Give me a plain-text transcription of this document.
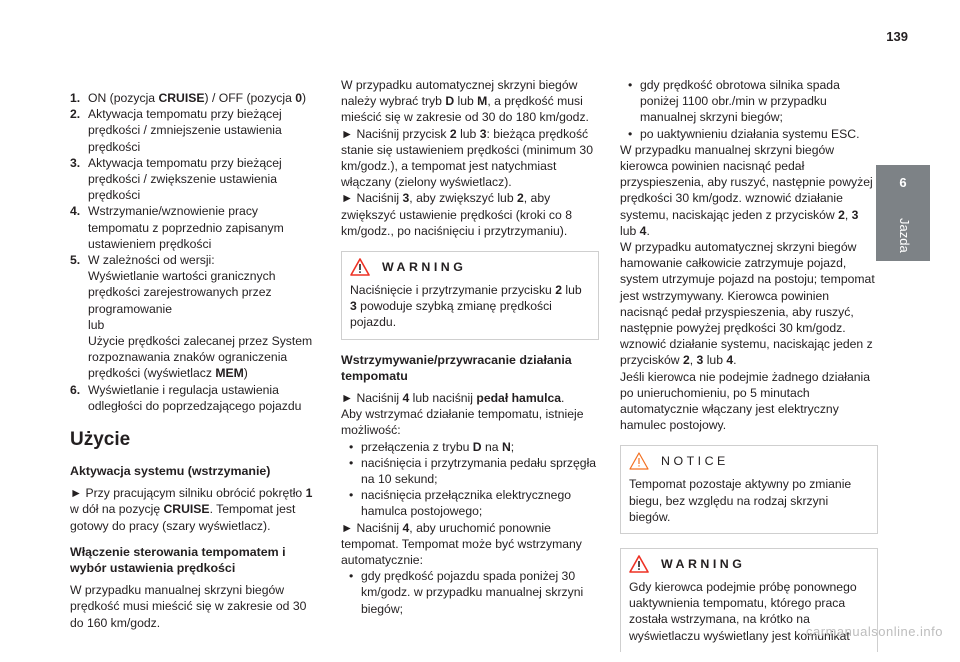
139
6
Jazda
1. ON (pozycja CRUISE) / OFF (pozycja 0)
2. Aktywacja tempomatu przy bieżącej prędkości / zmniejszenie ustawienia prędkości
3. Aktywacja tempomatu przy bieżącej prędkości / zwiększenie ustawienia prędkości
4. Wstrzymanie/wznowienie pracy tempomatu z poprzednio zapisanym ustawieniem prędkości
5. W zależności od wersji:
Wyświetlanie wartości granicznych prędkości zarejestrowanych przez programowanie
lub
Użycie prędkości zalecanej przez System rozpoznawania znaków ograniczenia prędkości (wyświetlacz MEM)
6. Wyświetlanie i regulacja ustawienia odległości do poprzedzającego pojazdu
Użycie
Aktywacja systemu (wstrzymanie)

► Przy pracującym silniku obrócić pokrętło 1 w dół na pozycję CRUISE. Tempomat jest gotowy do pracy (szary wyświetlacz).

Włączenie sterowania tempomatem i wybór ustawienia prędkości

W przypadku manualnej skrzyni biegów prędkość musi mieścić się w zakresie od 30 do 160 km/godz.

W przypadku automatycznej skrzyni biegów należy wybrać tryb D lub M, a prędkość musi mieścić się w zakresie od 30 do 180 km/godz.

► Naciśnij przycisk 2 lub 3: bieżąca prędkość stanie się ustawieniem prędkości (minimum 30 km/godz.), a tempomat jest natychmiast włączany (zielony wyświetlacz).

► Naciśnij 3, aby zwiększyć lub 2, aby zwiększyć ustawienie prędkości (kroki co 8 km/godz., po naciśnięciu i przytrzymaniu).

WARNING

Naciśnięcie i przytrzymanie przycisku 2 lub
3 powoduje szybką zmianę prędkości pojazdu.

Wstrzymywanie/przywracanie działania tempomatu

► Naciśnij 4 lub naciśnij pedał hamulca.

Aby wstrzymać działanie tempomatu, istnieje możliwość:

• przełączenia z trybu D na N;
• naciśnięcia i przytrzymania pedału sprzęgła na 10 sekund;
• naciśnięcia przełącznika elektrycznego hamulca postojowego;

► Naciśnij 4, aby uruchomić ponownie tempomat. Tempomat może być wstrzymany automatycznie:

• gdy prędkość pojazdu spada poniżej 30 km/godz. w przypadku manualnej skrzyni biegów;
• gdy prędkość obrotowa silnika spada poniżej 1100 obr./min w przypadku manualnej skrzyni biegów;
• po uaktywnieniu działania systemu ESC.

W przypadku manualnej skrzyni biegów kierowca powinien nacisnąć pedał przyspieszenia, aby ruszyć, następnie powyżej prędkości 30 km/godz. wznowić działanie systemu, naciskając jeden z przycisków 2, 3 lub 4.

W przypadku automatycznej skrzyni biegów hamowanie całkowicie zatrzymuje pojazd, system utrzymuje pojazd na postoju; tempomat jest wstrzymywany. Kierowca powinien nacisnąć pedał przyspieszenia, aby ruszyć, następnie powyżej prędkości 30 km/godz. wznowić działanie systemu, naciskając jeden z przycisków 2, 3 lub 4.

Jeśli kierowca nie podejmie żadnego działania po unieruchomieniu, po 5 minutach automatycznie włączany jest elektryczny hamulec postojowy.

NOTICE

Tempomat pozostaje aktywny po zmianie biegu, bez względu na rodzaj skrzyni biegów.

WARNING

Gdy kierowca podejmie próbę ponownego uaktywnienia tempomatu, którego praca została wstrzymana, na krótko na wyświetlaczu wyświetlany jest komunikat

carmanualsonline.info
